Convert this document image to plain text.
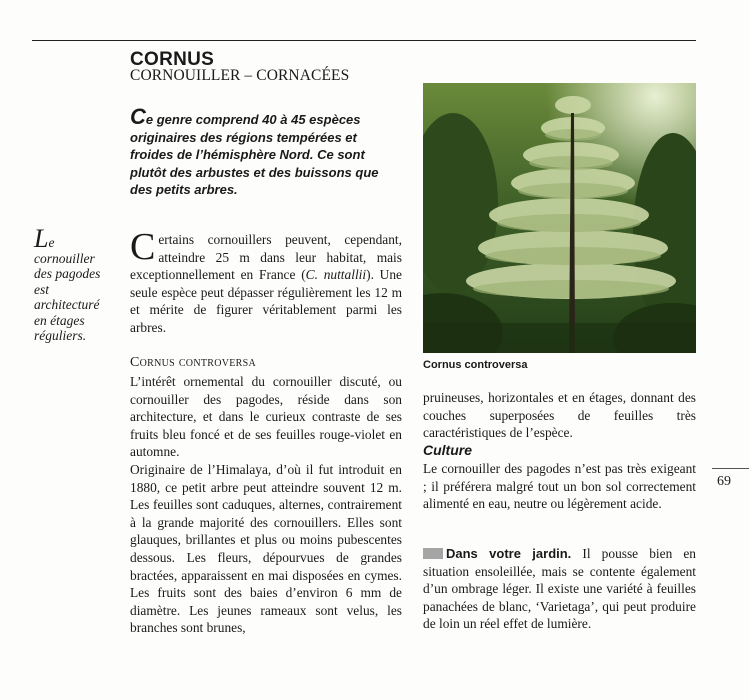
CORNUS
CORNOUILLER – CORNACÉES
Ce genre comprend 40 à 45 espèces originaires des régions tempérées et froides de l’hémisphère Nord. Ce sont plutôt des arbustes et des buissons que des petits arbres.
Le
cornouiller des pagodes est architecturé en étages réguliers.
Certains cornouillers peuvent, cependant, atteindre 25 m dans leur habitat, mais exceptionnellement en France (C. nuttallii). Une seule espèce peut dépasser régulièrement les 12 m et mérite de figurer véritablement parmi les arbres.
Cornus controversa

L’intérêt ornemental du cornouiller discuté, ou cornouiller des pagodes, réside dans son architecture, et dans le curieux contraste de ses fruits bleu foncé et de ses feuilles rouge-violet en automne.

Originaire de l’Himalaya, d’où il fut introduit en 1880, ce petit arbre peut atteindre souvent 12 m. Les feuilles sont caduques, alternes, contrairement à la grande majorité des cornouillers. Elles sont glauques, brillantes et plus ou moins pubescentes dessous. Les fleurs, dépourvues de grandes bractées, apparaissent en mai disposées en cymes. Les fruits sont des baies d’environ 6 mm de diamètre. Les jeunes rameaux sont velus, les branches sont brunes,

Cornus controversa
pruineuses, horizontales et en étages, donnant des couches superposées de feuilles très caractéristiques de l’espèce.
Culture
Le cornouiller des pagodes n’est pas très exigeant ; il préférera malgré tout un bon sol correctement alimenté en eau, neutre ou légèrement acide.
Dans votre jardin. Il pousse bien en situation ensoleillée, mais se contente également d’un ombrage léger. Il existe une variété à feuilles panachées de blanc, ‘Varietaga’, qui peut produire de loin un réel effet de lumière.
69
